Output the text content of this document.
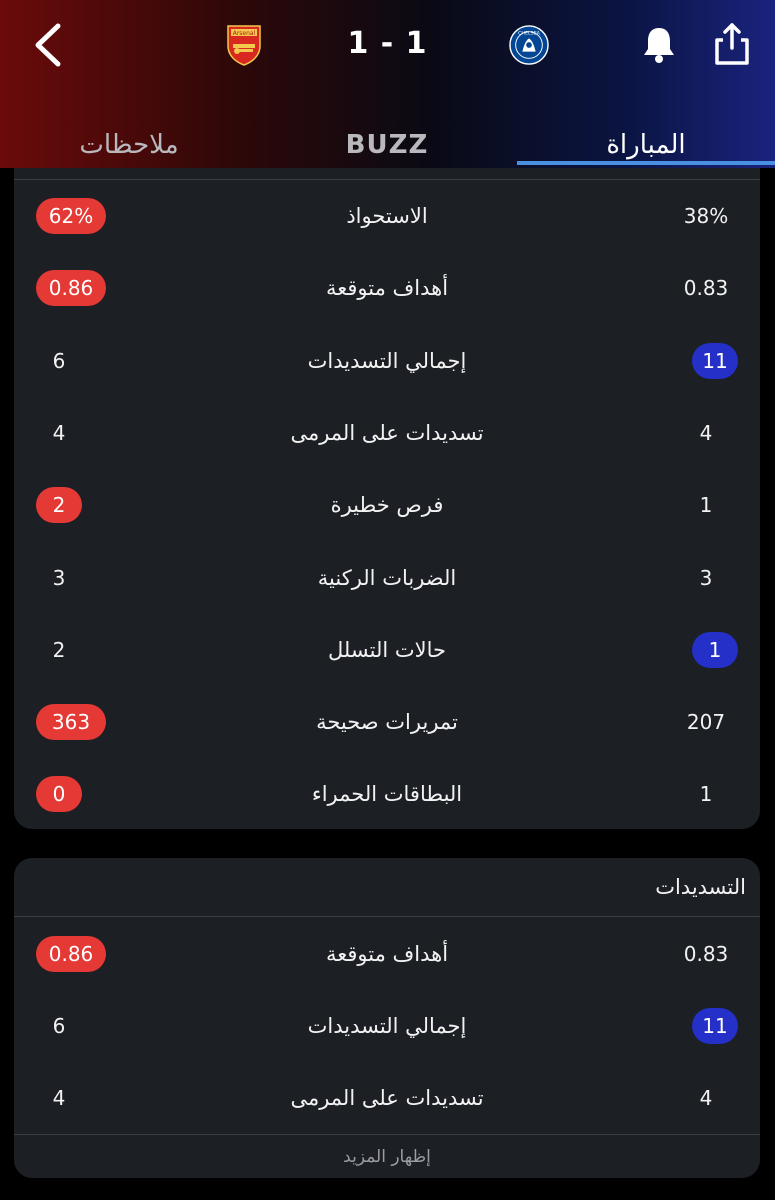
Arsenal	1 - 1	CHELSEA
ملاحظات	BUZZ	المباراة
62%	الاستحواذ	38%
0.86	أهداف متوقعة	0.83
6	إجمالي التسديدات	11
4	تسديدات على المرمى	4
2	فرص خطيرة	1
3	الضربات الركنية	3
2	حالات التسلل	1
363	تمريرات صحيحة	207
0	البطاقات الحمراء	1
التسديدات
0.86	أهداف متوقعة	0.83
6	إجمالي التسديدات	11
4	تسديدات على المرمى	4
إظهار المزيد
